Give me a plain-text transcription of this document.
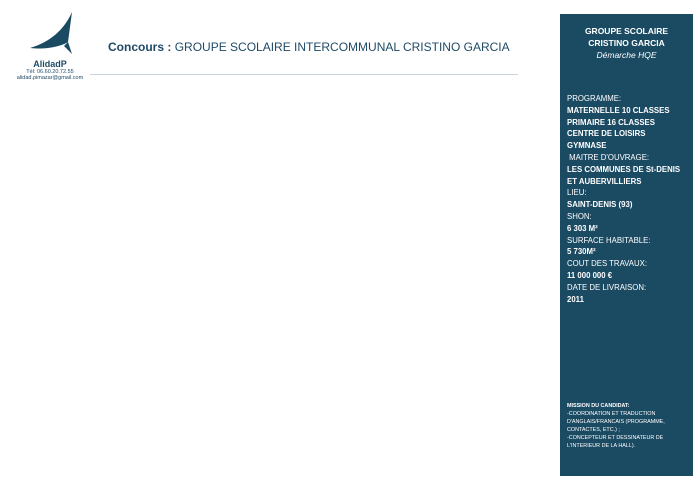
AlidadP
Tél: 06.60.20.72.55
alidad.pimazar@gmail.com
Concours : GROUPE SCOLAIRE INTERCOMMUNAL CRISTINO GARCIA
GROUPE SCOLAIRE
CRISTINO GARCIA
Démarche HQE
PROGRAMME:
MATERNELLE 10 CLASSES
PRIMAIRE 16 CLASSES
CENTRE DE LOISIRS
GYMNASE
MAITRE D'OUVRAGE:
LES COMMUNES DE St-DENIS
ET AUBERVILLIERS
LIEU:
SAINT-DENIS (93)
SHON:
6 303 M²
SURFACE HABITABLE:
5 730M²
COUT DES TRAVAUX:
11 000 000 €
DATE DE LIVRAISON:
2011
MISSION DU CANDIDAT:
-COORDINATION ET TRADUCTION
D'ANGLAIS/FRANCAIS (PROGRAMME,
CONTACTES, ETC.) ;
-CONCEPTEUR ET DESSINATEUR DE
L'INTERIEUR DE LA HALL).
